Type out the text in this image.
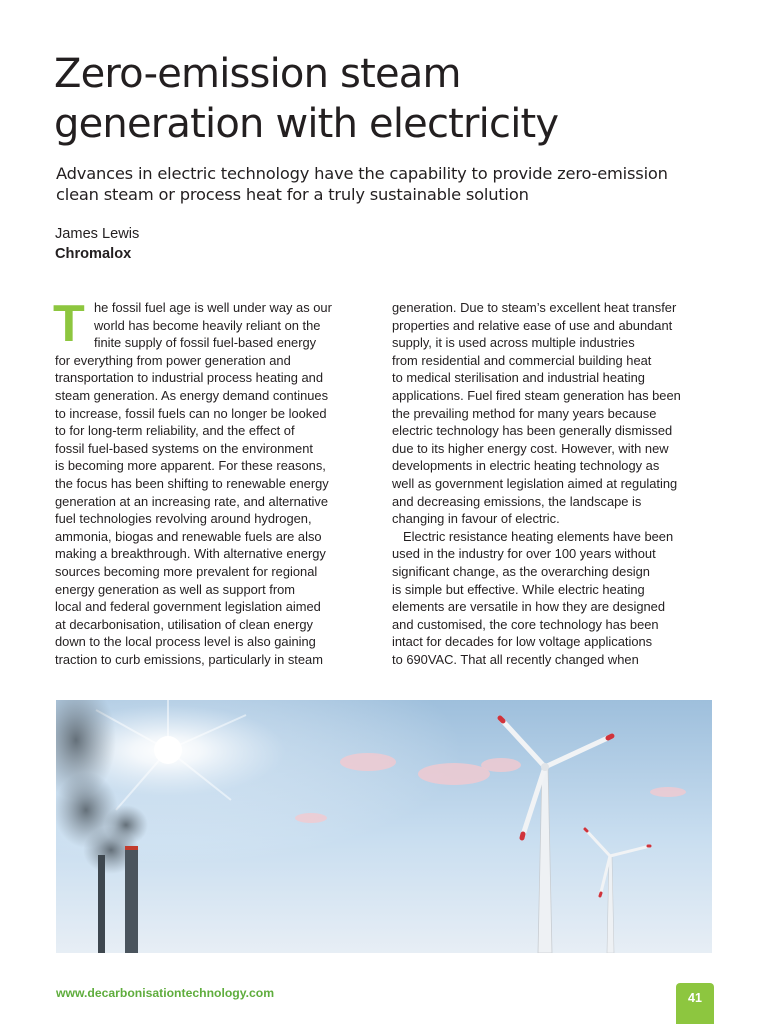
Zero-emission steam
generation with electricity

Advances in electric technology have the capability to provide zero-emission
clean steam or process heat for a truly sustainable solution

James Lewis
Chromalox
T he fossil fuel age is well under way as our
world has become heavily reliant on the
finite supply of fossil fuel-based energy
for everything from power generation and
transportation to industrial process heating and
steam generation. As energy demand continues
to increase, fossil fuels can no longer be looked
to for long-term reliability, and the effect of
fossil fuel-based systems on the environment
is becoming more apparent. For these reasons,
the focus has been shifting to renewable energy
generation at an increasing rate, and alternative
fuel technologies revolving around hydrogen,
ammonia, biogas and renewable fuels are also
making a breakthrough. With alternative energy
sources becoming more prevalent for regional
energy generation as well as support from
local and federal government legislation aimed
at decarbonisation, utilisation of clean energy
down to the local process level is also gaining
traction to curb emissions, particularly in steam
generation. Due to steam’s excellent heat transfer
properties and relative ease of use and abundant
supply, it is used across multiple industries
from residential and commercial building heat
to medical sterilisation and industrial heating
applications. Fuel fired steam generation has been
the prevailing method for many years because
electric technology has been generally dismissed
due to its higher energy cost. However, with new
developments in electric heating technology as
well as government legislation aimed at regulating
and decreasing emissions, the landscape is
changing in favour of electric.
Electric resistance heating elements have been
used in the industry for over 100 years without
significant change, as the overarching design
is simple but effective. While electric heating
elements are versatile in how they are designed
and customised, the core technology has been
intact for decades for low voltage applications
to 690VAC. That all recently changed when
www.decarbonisationtechnology.com	41
